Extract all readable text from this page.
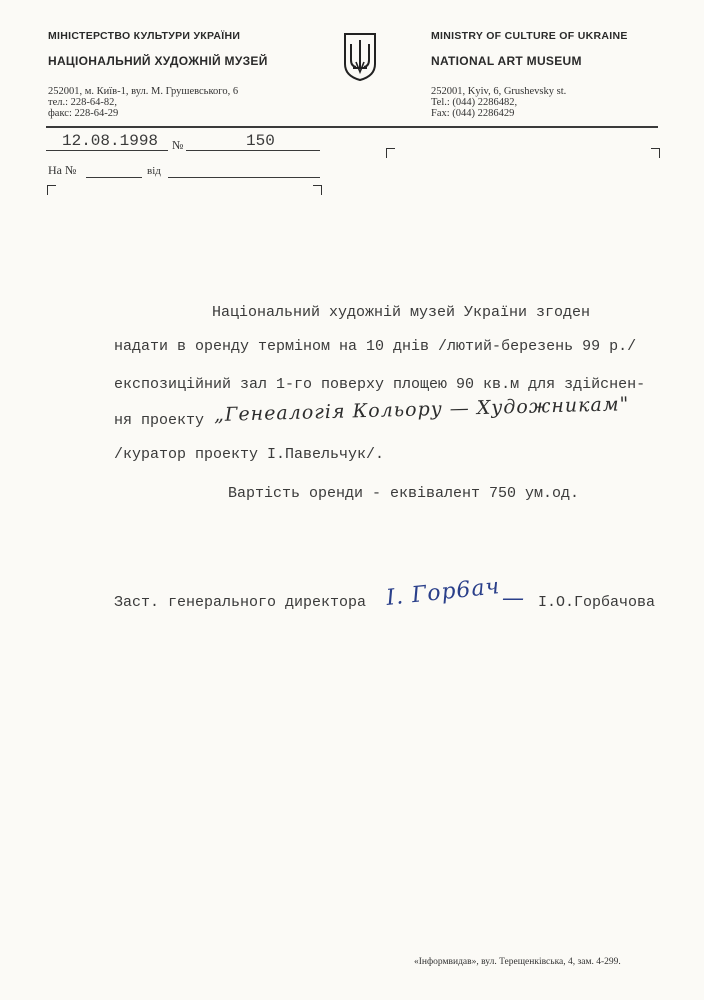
МІНІСТЕРСТВО КУЛЬТУРИ УКРАЇНИ
НАЦІОНАЛЬНИЙ ХУДОЖНІЙ МУЗЕЙ
252001, м. Київ-1, вул. М. Грушевського, 6
тел.: 228-64-82,
факс: 228-64-29
MINISTRY OF CULTURE OF UKRAINE
NATIONAL ART MUSEUM
252001, Kyiv, 6, Grushevsky st.
Tel.: (044) 2286482,
Fax: (044) 2286429
12.08.1998 №	150
На №	від
Національний художній музей України згоден
надати в оренду терміном на 10 днів /лютий-березень 99 р./
експозиційний зал 1-го поверху площею 90 кв.м для здійснен-
ня проекту „Генеалогія Кольору — Художникам"
/куратор проекту І.Павельчук/.
Вартість оренди - еквівалент 750 ум.од.
Заст. генерального директора І. Гор6ач — І.О.Горбачова
«Інформвидав», вул. Терещенківська, 4, зам. 4-299.
